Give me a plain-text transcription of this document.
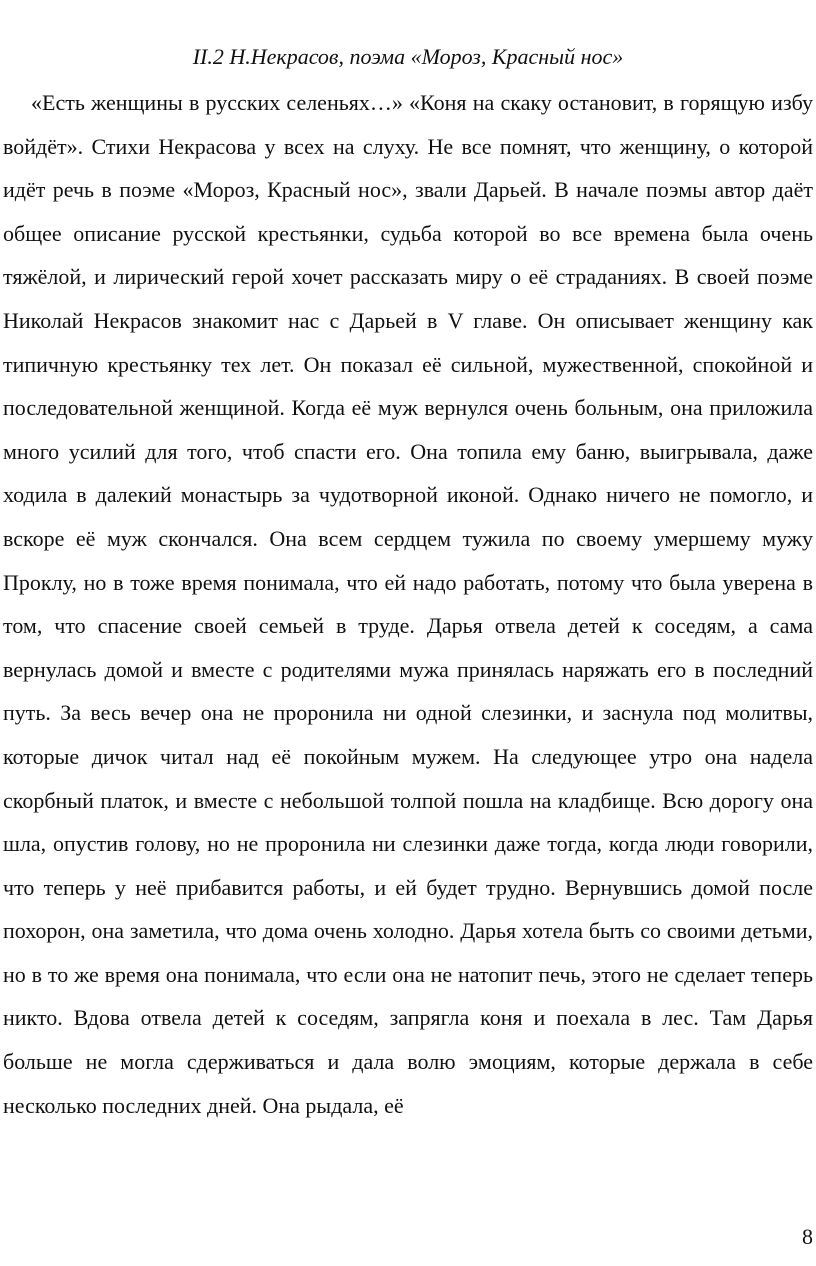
II.2 Н.Некрасов, поэма «Мороз, Красный нос»

«Есть женщины в русских селеньях…» «Коня на скаку остановит, в горящую избу войдёт». Стихи Некрасова у всех на слуху. Не все помнят, что женщину, о которой идёт речь в поэме «Мороз, Красный нос», звали Дарьей. В начале поэмы автор даёт общее описание русской крестьянки, судьба которой во все времена была очень тяжёлой, и лирический герой хочет рассказать миру о её страданиях. В своей поэме Николай Некрасов знакомит нас с Дарьей в V главе. Он описывает женщину как типичную крестьянку тех лет. Он показал её сильной, мужественной, спокойной и последовательной женщиной. Когда её муж вернулся очень больным, она приложила много усилий для того, чтоб спасти его. Она топила ему баню, выигрывала, даже ходила в далекий монастырь за чудотворной иконой. Однако ничего не помогло, и вскоре её муж скончался. Она всем сердцем тужила по своему умершему мужу Проклу, но в тоже время понимала, что ей надо работать, потому что была уверена в том, что спасение своей семьей в труде. Дарья отвела детей к соседям, а сама вернулась домой и вместе с родителями мужа принялась наряжать его в последний путь. За весь вечер она не проронила ни одной слезинки, и заснула под молитвы, которые дичок читал над её покойным мужем. На следующее утро она надела скорбный платок, и вместе с небольшой толпой пошла на кладбище. Всю дорогу она шла, опустив голову, но не проронила ни слезинки даже тогда, когда люди говорили, что теперь у неё прибавится работы, и ей будет трудно. Вернувшись домой после похорон, она заметила, что дома очень холодно. Дарья хотела быть со своими детьми, но в то же время она понимала, что если она не натопит печь, этого не сделает теперь никто. Вдова отвела детей к соседям, запрягла коня и поехала в лес. Там Дарья больше не могла сдерживаться и дала волю эмоциям, которые держала в себе несколько последних дней. Она рыдала, её

8
